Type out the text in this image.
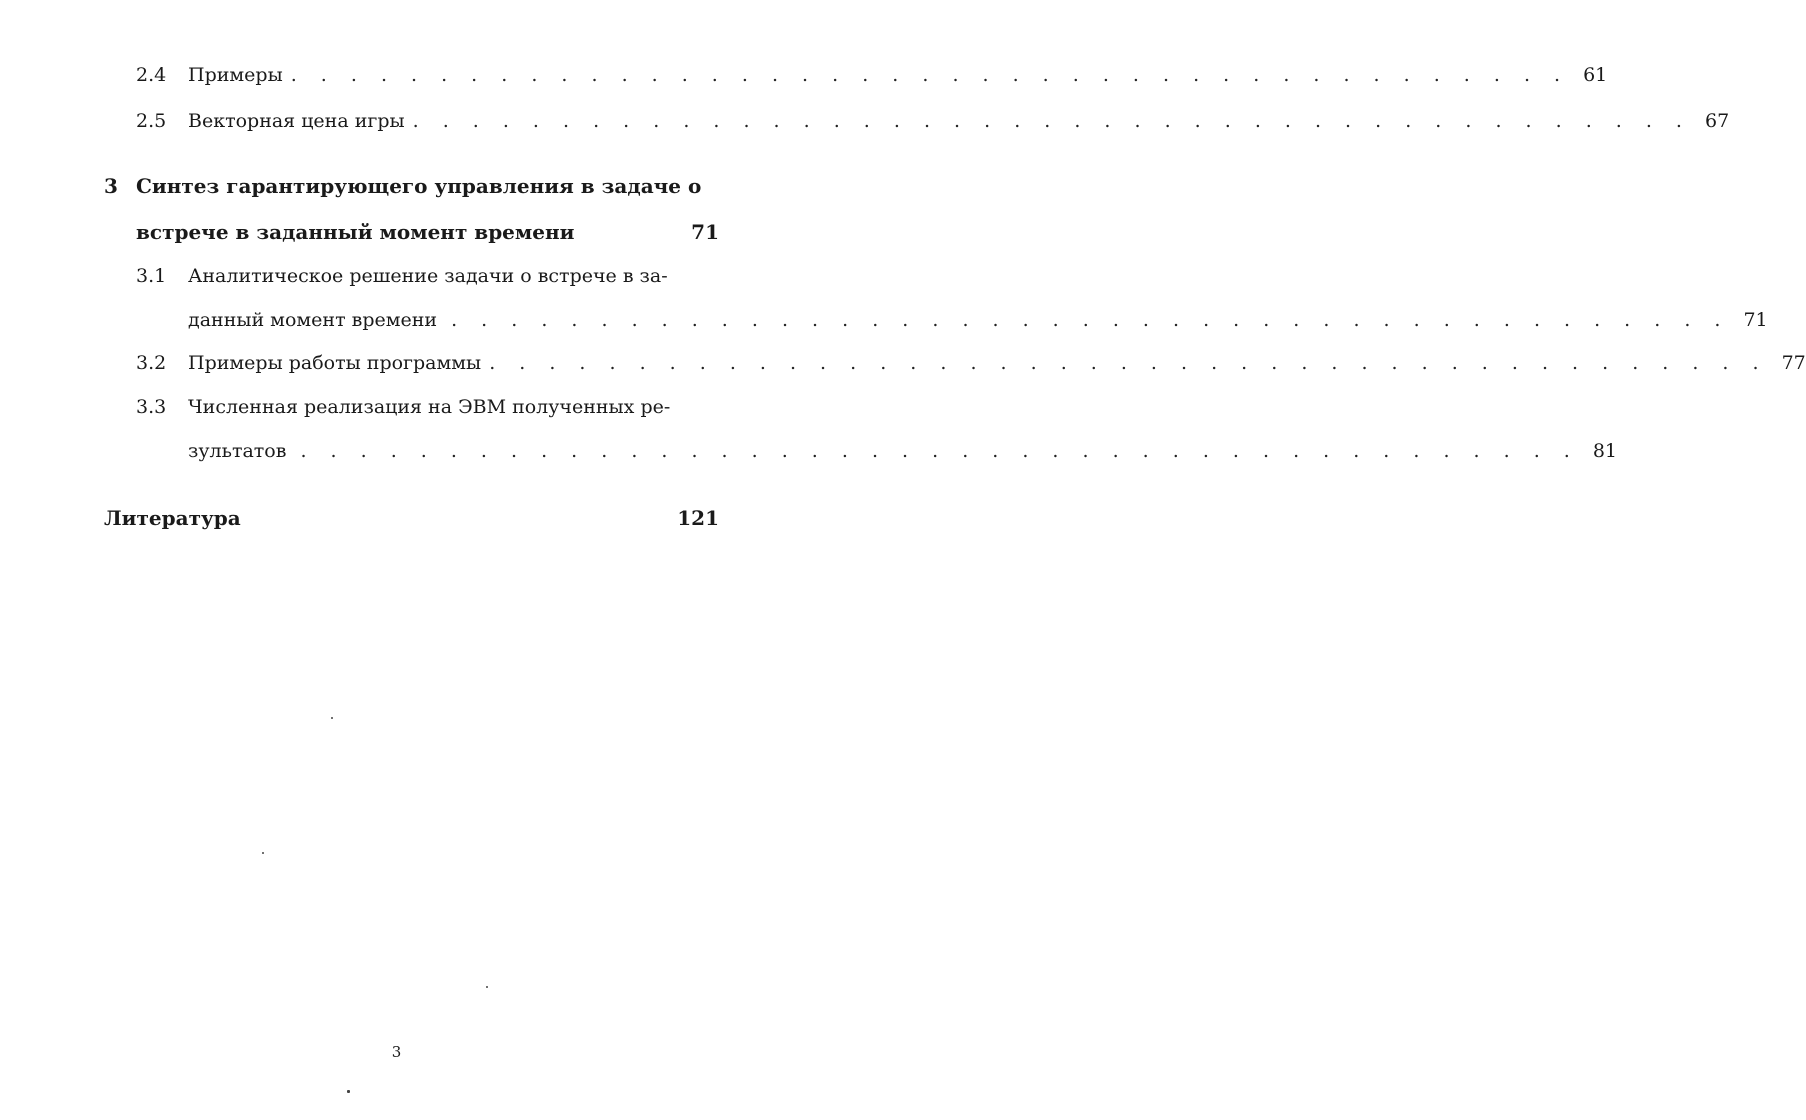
2.4	Примеры . . . . . . . . . . . . . . . . . . . . . . . . . . . . . . . . . . . . . . . . . . . 61
2.5	Векторная цена игры . . . . . . . . . . . . . . . . . . . . . . . . . . . . . . . . . . . . . . . . . . . 67
3 Синтез гарантирующего управления в задаче о
встрече в заданный момент времени	71
3.1	Аналитическое решение задачи о встрече в за-
данный момент времени . . . . . . . . . . . . . . . . . . . . . . . . . . . . . . . . . . . . . . . . . . . 71
3.2	Примеры работы программы . . . . . . . . . . . . . . . . . . . . . . . . . . . . . . . . . . . . . . . . . . . 77
3.3	Численная реализация на ЭВМ полученных ре-
зультатов . . . . . . . . . . . . . . . . . . . . . . . . . . . . . . . . . . . . . . . . . . . 81
Литература	121
3
